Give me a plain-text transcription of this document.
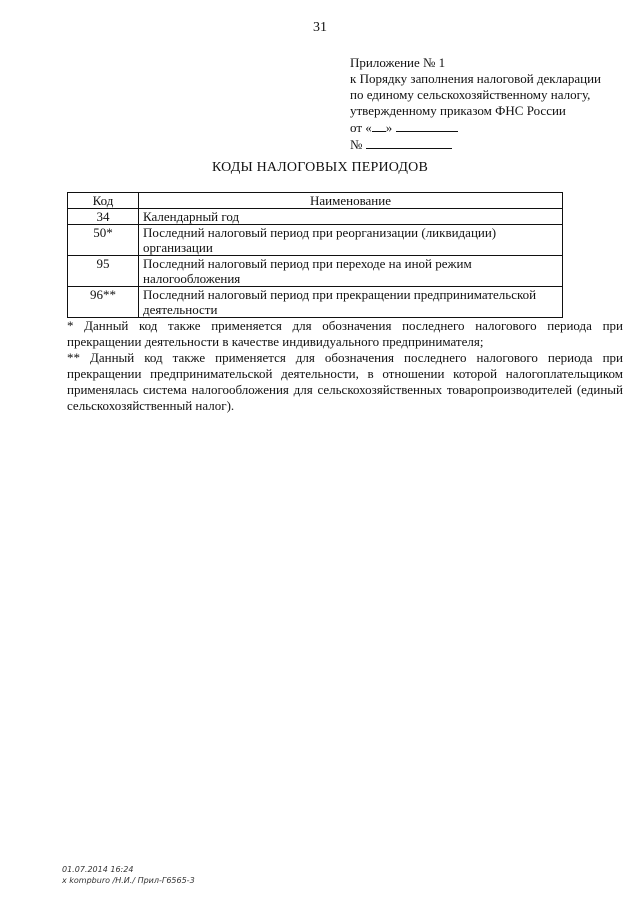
31
Приложение № 1
к Порядку заполнения налоговой декларации
по единому сельскохозяйственному налогу,
утвержденному приказом ФНС России
от « »
№
КОДЫ НАЛОГОВЫХ ПЕРИОДОВ
Код	Наименование
34	Календарный год
50*	Последний налоговый период при реорганизации (ликвидации) организации
95	Последний налоговый период при переходе на иной режим налогообложения
96**	Последний налоговый период при прекращении предпринимательской деятельности

* Данный код также применяется для обозначения последнего налогового периода при прекращении деятельности в качестве индивидуального предпринимателя;

** Данный код также применяется для обозначения последнего налогового периода при прекращении предпринимательской деятельности, в отношении которой налогоплательщиком применялась система налогообложения для сельскохозяйственных товаропроизводителей (единый сельскохозяйственный налог).

01.07.2014 16:24
x kompburo /Н.И./ Прил-Г6565-3
